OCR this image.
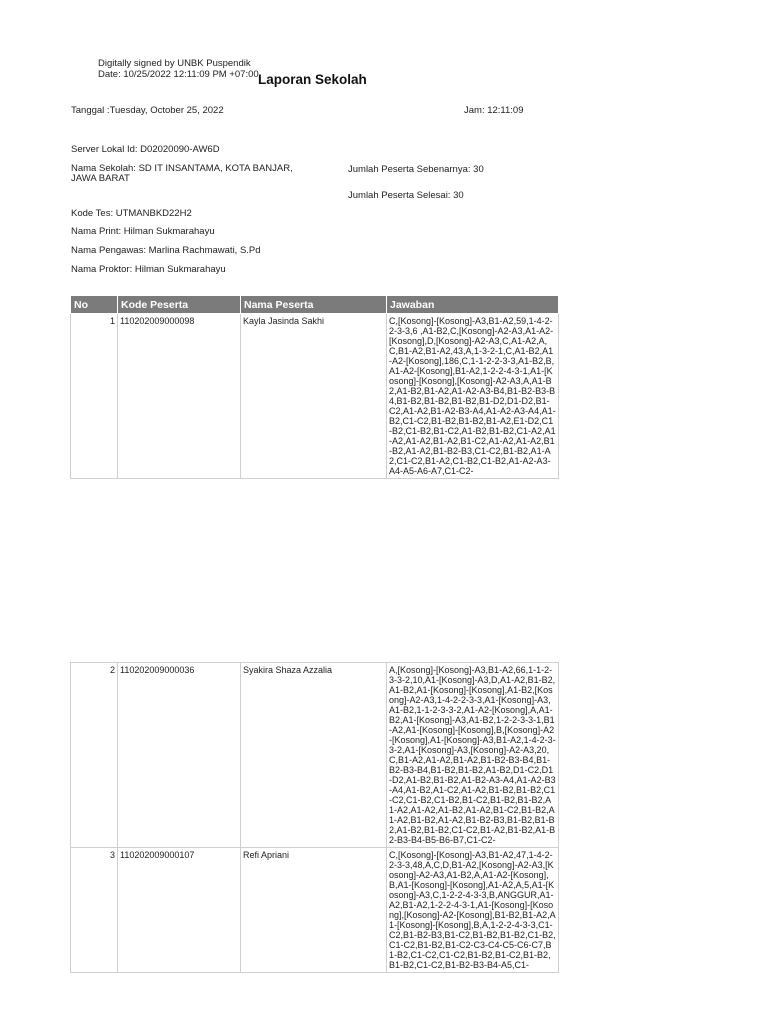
Digitally signed by UNBK Puspendik
Date: 10/25/2022 12:11:09 PM +07:00 Laporan Sekolah
Tanggal :Tuesday, October 25, 2022	Jam: 12:11:09
Server Lokal Id: D02020090-AW6D
Nama Sekolah: SD IT INSANTAMA, KOTA BANJAR,
JAWA BARAT
Jumlah Peserta Sebenarnya: 30
Jumlah Peserta Selesai: 30
Kode Tes: UTMANBKD22H2
Nama Print: Hilman Sukmarahayu
Nama Pengawas: Marlina Rachmawati, S.Pd
Nama Proktor: Hilman Sukmarahayu
No	Kode Peserta	Nama Peserta	Jawaban
1	110202009000098	Kayla Jasinda Sakhi	C,[Kosong]-[Kosong]-A3,B1-A2,59,1-4-2-2-3-3,6 ,A1-B2,C,[Kosong]-A2-A3,A1-A2-[Kosong],D,[Kosong]-A2-A3,C,A1-A2,A,C,B1-A2,B1-A2,43,A,1-3-2-1,C,A1-B2,A1-A2-[Kosong],186,C,1-1-2-2-3-3,A1-B2,B,A1-A2-[Kosong],B1-A2,1-2-2-4-3-1,A1-[Kosong]-[Kosong],[Kosong]-A2-A3,A,A1-B2,A1-B2,B1-A2,A1-A2-A3-B4,B1-B2-B3-B4,B1-B2,B1-B2,B1-B2,B1-D2,D1-D2,B1-C2,A1-A2,B1-A2-B3-A4,A1-A2-A3-A4,A1-B2,C1-C2,B1-B2,B1-B2,B1-A2,E1-D2,C1-B2,C1-B2,B1-C2,A1-B2,B1-B2,C1-A2,A1-A2,A1-A2,B1-A2,B1-C2,A1-A2,A1-A2,B1-B2,A1-A2,B1-B2-B3,C1-C2,B1-B2,A1-A2,C1-C2,B1-A2,C1-B2,C1-B2,A1-A2-A3-A4-A5-A6-A7,C1-C2-
2	110202009000036	Syakira Shaza Azzalia	A,[Kosong]-[Kosong]-A3,B1-A2,66,1-1-2-3-3-2,10,A1-[Kosong]-A3,D,A1-A2,B1-B2,A1-B2,A1-[Kosong]-[Kosong],A1-B2,[Kosong]-A2-A3,1-4-2-2-3-3,A1-[Kosong]-A3,A1-B2,1-1-2-3-3-2,A1-A2-[Kosong],A,A1-B2,A1-[Kosong]-A3,A1-B2,1-2-2-3-3-1,B1-A2,A1-[Kosong]-[Kosong],B,[Kosong]-A2-[Kosong],A1-[Kosong]-A3,B1-A2,1-4-2-3-3-2,A1-[Kosong]-A3,[Kosong]-A2-A3,20,C,B1-A2,A1-A2,B1-A2,B1-B2-B3-B4,B1-B2-B3-B4,B1-B2,B1-B2,A1-B2,D1-C2,D1-D2,A1-B2,B1-B2,A1-B2-A3-A4,A1-A2-B3-A4,A1-B2,A1-C2,A1-A2,B1-B2,B1-B2,C1-C2,C1-B2,C1-B2,B1-C2,B1-B2,B1-B2,A1-A2,A1-A2,A1-B2,A1-A2,B1-C2,B1-B2,A1-A2,B1-B2,A1-A2,B1-B2-B3,B1-B2,B1-B2,A1-B2,B1-B2,C1-C2,B1-A2,B1-B2,A1-B2-B3-B4-B5-B6-B7,C1-C2-
3	110202009000107	Refi Apriani	C,[Kosong]-[Kosong]-A3,B1-A2,47,1-4-2-2-3-3,48,A,C,D,B1-A2,[Kosong]-A2-A3,[Kosong]-A2-A3,A1-B2,A,A1-A2-[Kosong],B,A1-[Kosong]-[Kosong],A1-A2,A,5,A1-[Kosong]-A3,C,1-2-2-4-3-3,B,ANGGUR,A1-A2,B1-A2,1-2-2-4-3-1,A1-[Kosong]-[Kosong],[Kosong]-A2-[Kosong],B1-B2,B1-A2,A1-[Kosong]-[Kosong],B,A,1-2-2-4-3-3,C1-C2,B1-B2-B3,B1-C2,B1-B2,B1-B2,C1-B2,C1-C2,B1-B2,B1-C2-C3-C4-C5-C6-C7,B1-B2,C1-C2,C1-C2,B1-B2,B1-C2,B1-B2,B1-B2,C1-C2,B1-B2-B3-B4-A5,C1-
